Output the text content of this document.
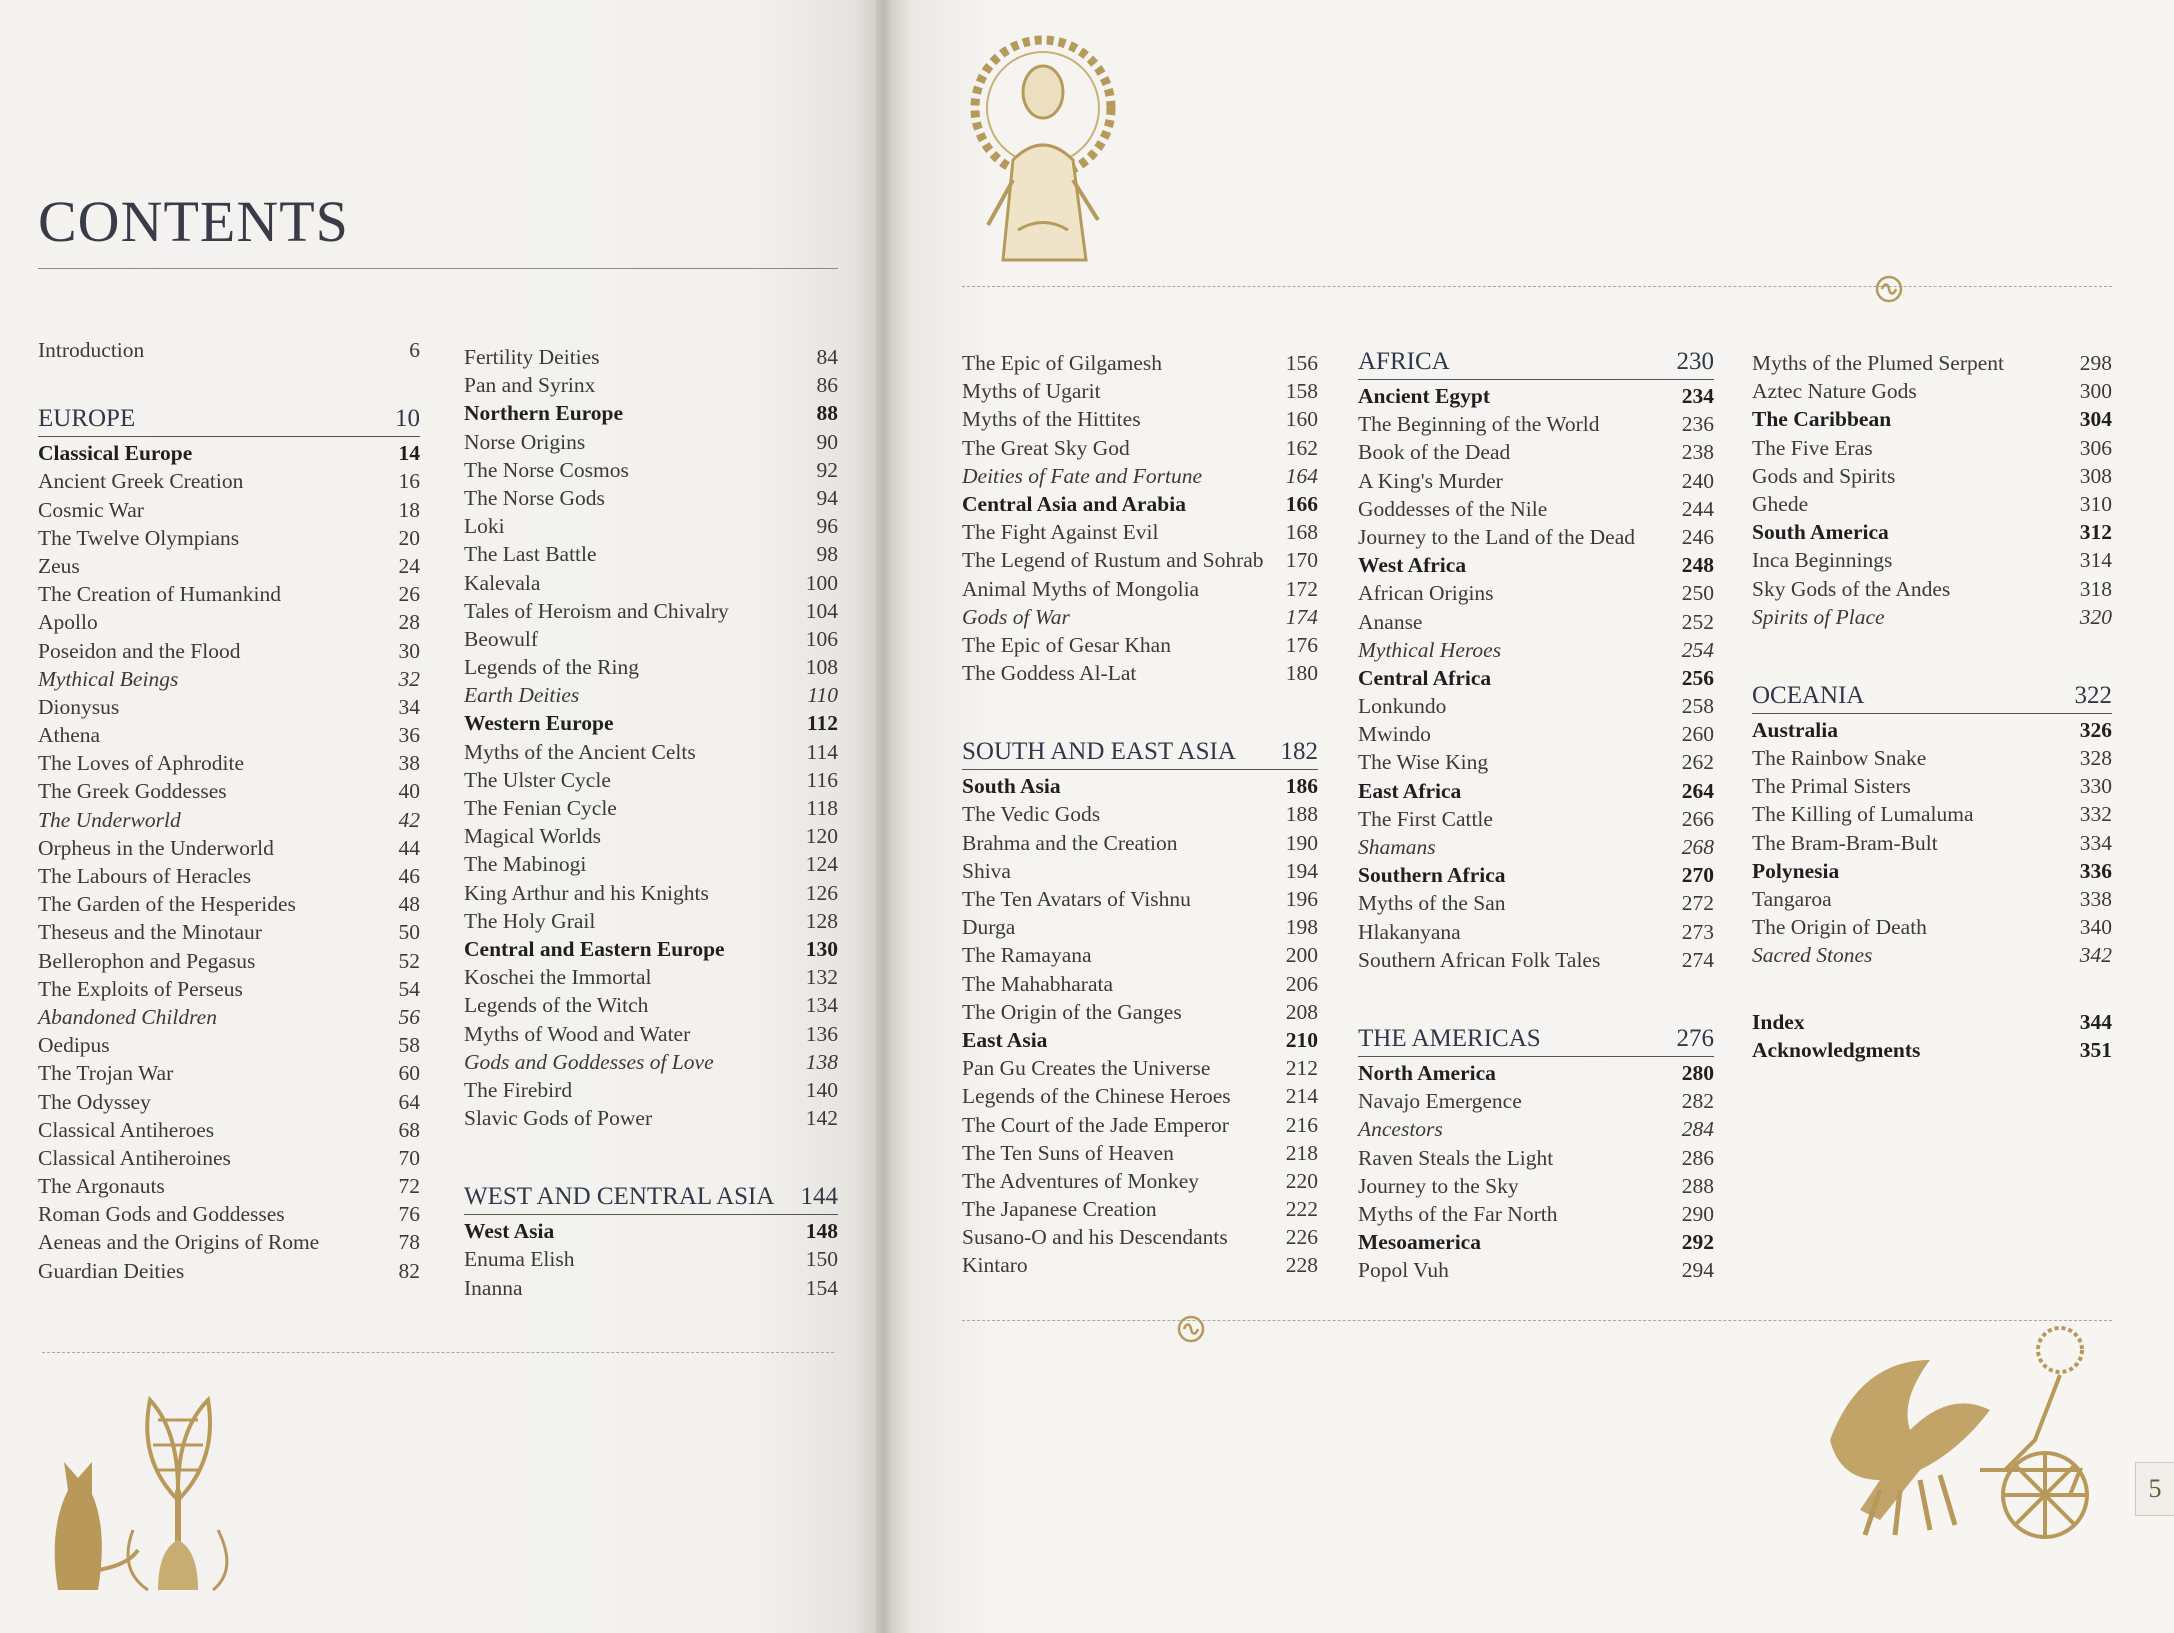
CONTENTS
5
Introduction	6
EUROPE	10
Classical Europe	14
Ancient Greek Creation	16
Cosmic War	18
The Twelve Olympians	20
Zeus	24
The Creation of Humankind	26
Apollo	28
Poseidon and the Flood	30
Mythical Beings	32
Dionysus	34
Athena	36
The Loves of Aphrodite	38
The Greek Goddesses	40
The Underworld	42
Orpheus in the Underworld	44
The Labours of Heracles	46
The Garden of the Hesperides	48
Theseus and the Minotaur	50
Bellerophon and Pegasus	52
The Exploits of Perseus	54
Abandoned Children	56
Oedipus	58
The Trojan War	60
The Odyssey	64
Classical Antiheroes	68
Classical Antiheroines	70
The Argonauts	72
Roman Gods and Goddesses	76
Aeneas and the Origins of Rome	78
Guardian Deities	82
Fertility Deities	84
Pan and Syrinx	86
Northern Europe	88
Norse Origins	90
The Norse Cosmos	92
The Norse Gods	94
Loki	96
The Last Battle	98
Kalevala	100
Tales of Heroism and Chivalry	104
Beowulf	106
Legends of the Ring	108
Earth Deities	110
Western Europe	112
Myths of the Ancient Celts	114
The Ulster Cycle	116
The Fenian Cycle	118
Magical Worlds	120
The Mabinogi	124
King Arthur and his Knights	126
The Holy Grail	128
Central and Eastern Europe	130
Koschei the Immortal	132
Legends of the Witch	134
Myths of Wood and Water	136
Gods and Goddesses of Love	138
The Firebird	140
Slavic Gods of Power	142
WEST AND CENTRAL ASIA 144
West Asia	148
Enuma Elish	150
Inanna	154
The Epic of Gilgamesh	156
Myths of Ugarit	158
Myths of the Hittites	160
The Great Sky God	162
Deities of Fate and Fortune	164
Central Asia and Arabia	166
The Fight Against Evil	168
The Legend of Rustum and Sohrab 170
Animal Myths of Mongolia	172
Gods of War	174
The Epic of Gesar Khan	176
The Goddess Al-Lat	180
SOUTH AND EAST ASIA 182
South Asia	186
The Vedic Gods	188
Brahma and the Creation	190
Shiva	194
The Ten Avatars of Vishnu	196
Durga	198
The Ramayana	200
The Mahabharata	206
The Origin of the Ganges	208
East Asia	210
Pan Gu Creates the Universe	212
Legends of the Chinese Heroes	214
The Court of the Jade Emperor	216
The Ten Suns of Heaven	218
The Adventures of Monkey	220
The Japanese Creation	222
Susano-O and his Descendants	226
Kintaro	228
AFRICA	230
Ancient Egypt	234
The Beginning of the World	236
Book of the Dead	238
A King's Murder	240
Goddesses of the Nile	244
Journey to the Land of the Dead 246
West Africa	248
African Origins	250
Ananse	252
Mythical Heroes	254
Central Africa	256
Lonkundo	258
Mwindo	260
The Wise King	262
East Africa	264
The First Cattle	266
Shamans	268
Southern Africa	270
Myths of the San	272
Hlakanyana	273
Southern African Folk Tales	274
THE AMERICAS	276
North America	280
Navajo Emergence	282
Ancestors	284
Raven Steals the Light	286
Journey to the Sky	288
Myths of the Far North	290
Mesoamerica	292
Popol Vuh	294
Myths of the Plumed Serpent	298
Aztec Nature Gods	300
The Caribbean	304
The Five Eras	306
Gods and Spirits	308
Ghede	310
South America	312
Inca Beginnings	314
Sky Gods of the Andes	318
Spirits of Place	320
OCEANIA	322
Australia	326
The Rainbow Snake	328
The Primal Sisters	330
The Killing of Lumaluma	332
The Bram-Bram-Bult	334
Polynesia	336
Tangaroa	338
The Origin of Death	340
Sacred Stones	342
Index	344
Acknowledgments	351
